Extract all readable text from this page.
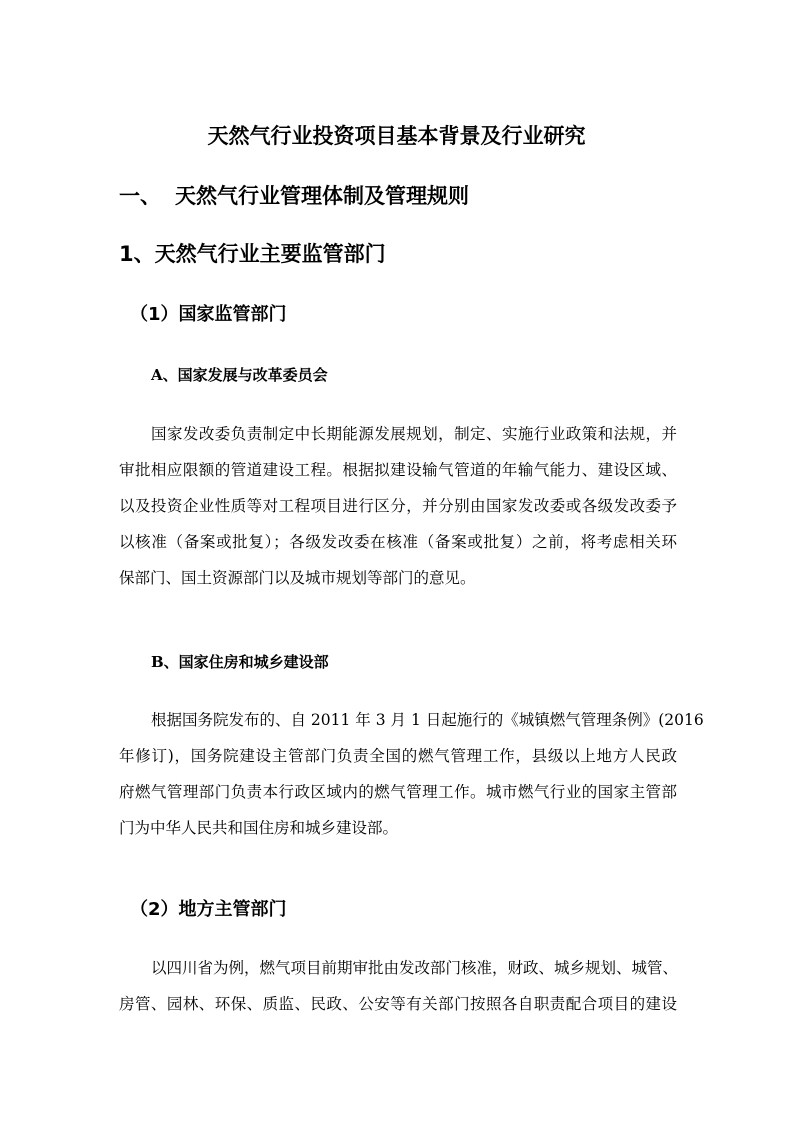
天然气行业投资项目基本背景及行业研究
一、 天然气行业管理体制及管理规则
1、天然气行业主要监管部门
（1）国家监管部门
A、国家发展与改革委员会
国家发改委负责制定中长期能源发展规划，制定、实施行业政策和法规，并
审批相应限额的管道建设工程。根据拟建设输气管道的年输气能力、建设区域、
以及投资企业性质等对工程项目进行区分，并分别由国家发改委或各级发改委予
以核准（备案或批复）；各级发改委在核准（备案或批复）之前，将考虑相关环
保部门、国土资源部门以及城市规划等部门的意见。
B、国家住房和城乡建设部
根据国务院发布的、自 2011 年 3 月 1 日起施行的《城镇燃气管理条例》(2016
年修订)，国务院建设主管部门负责全国的燃气管理工作，县级以上地方人民政
府燃气管理部门负责本行政区域内的燃气管理工作。城市燃气行业的国家主管部
门为中华人民共和国住房和城乡建设部。
（2）地方主管部门
以四川省为例，燃气项目前期审批由发改部门核准，财政、城乡规划、城管、
房管、园林、环保、质监、民政、公安等有关部门按照各自职责配合项目的建设
